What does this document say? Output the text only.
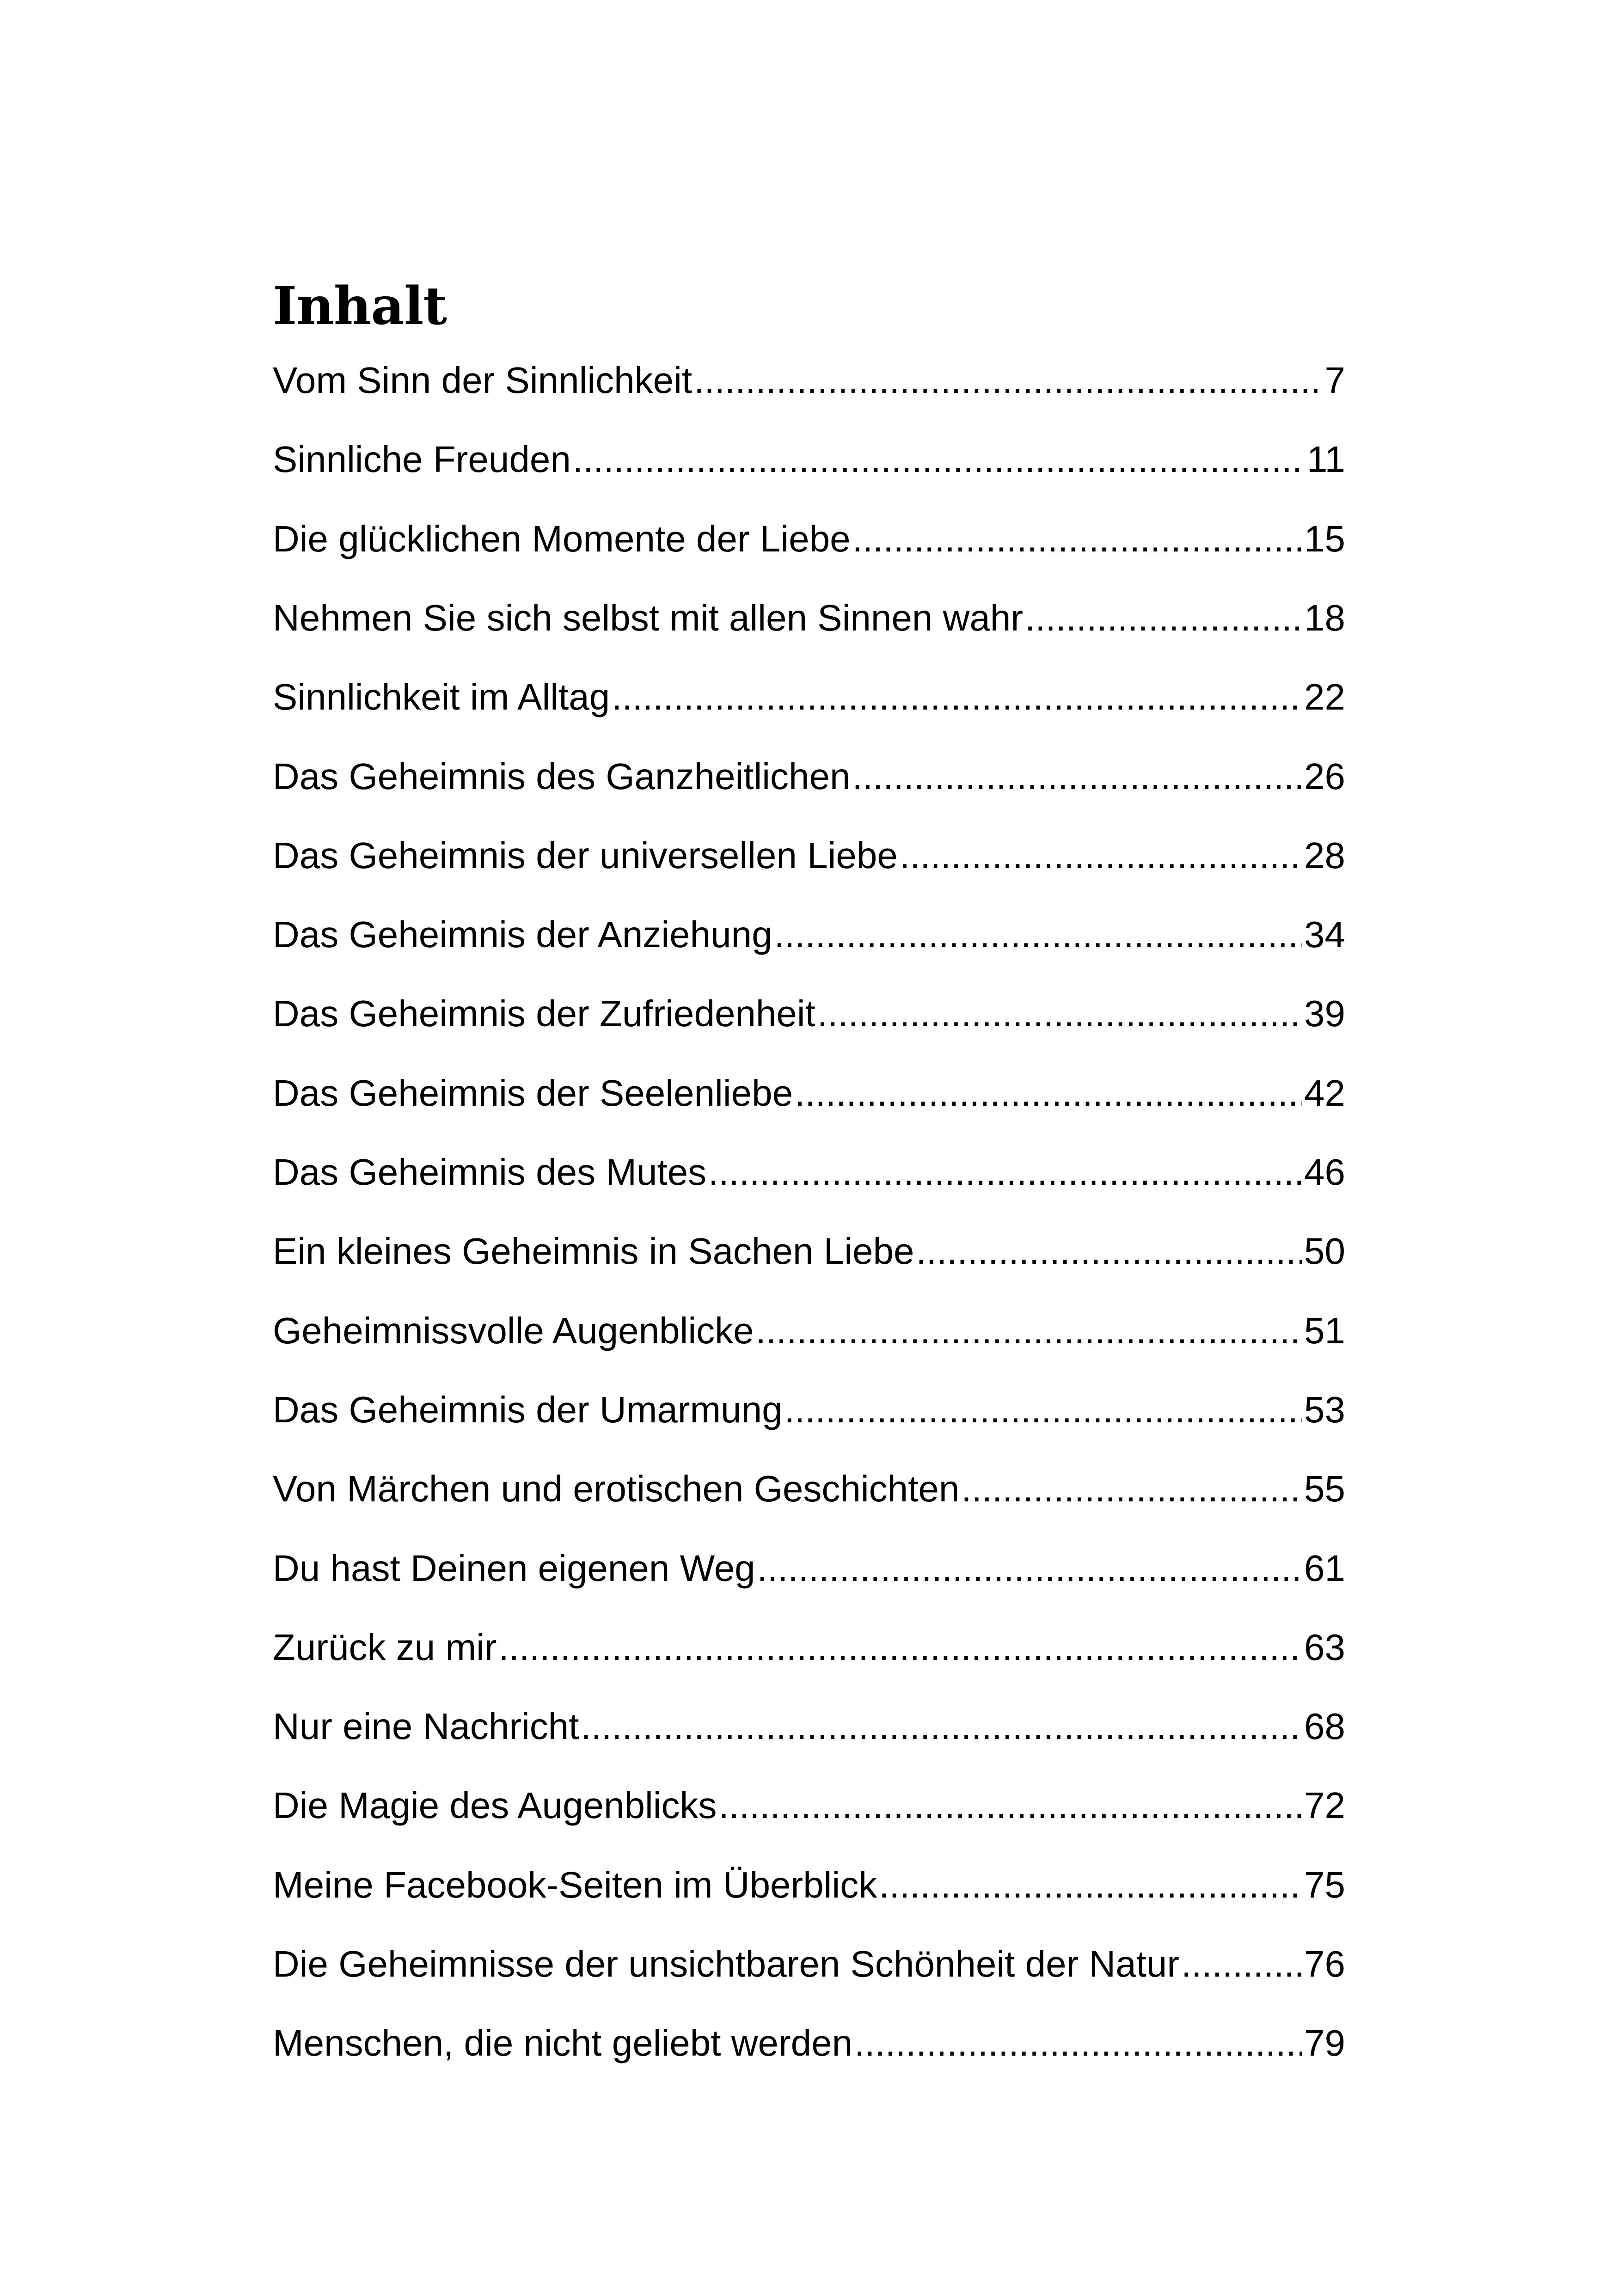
Inhalt
Vom Sinn der Sinnlichkeit .....	7
Sinnliche Freuden .....	11
Die glücklichen Momente der Liebe .....	15
Nehmen Sie sich selbst mit allen Sinnen wahr .....	18
Sinnlichkeit im Alltag .....	22
Das Geheimnis des Ganzheitlichen .....	26
Das Geheimnis der universellen Liebe .....	28
Das Geheimnis der Anziehung .....	34
Das Geheimnis der Zufriedenheit .....	39
Das Geheimnis der Seelenliebe .....	42
Das Geheimnis des Mutes .....	46
Ein kleines Geheimnis in Sachen Liebe .....	50
Geheimnissvolle Augenblicke .....	51
Das Geheimnis der Umarmung .....	53
Von Märchen und erotischen Geschichten .....	55
Du hast Deinen eigenen Weg .....	61
Zurück zu mir .....	63
Nur eine Nachricht .....	68
Die Magie des Augenblicks .....	72
Meine Facebook-Seiten im Überblick .....	75
Die Geheimnisse der unsichtbaren Schönheit der Natur .....	76
Menschen, die nicht geliebt werden .....	79
